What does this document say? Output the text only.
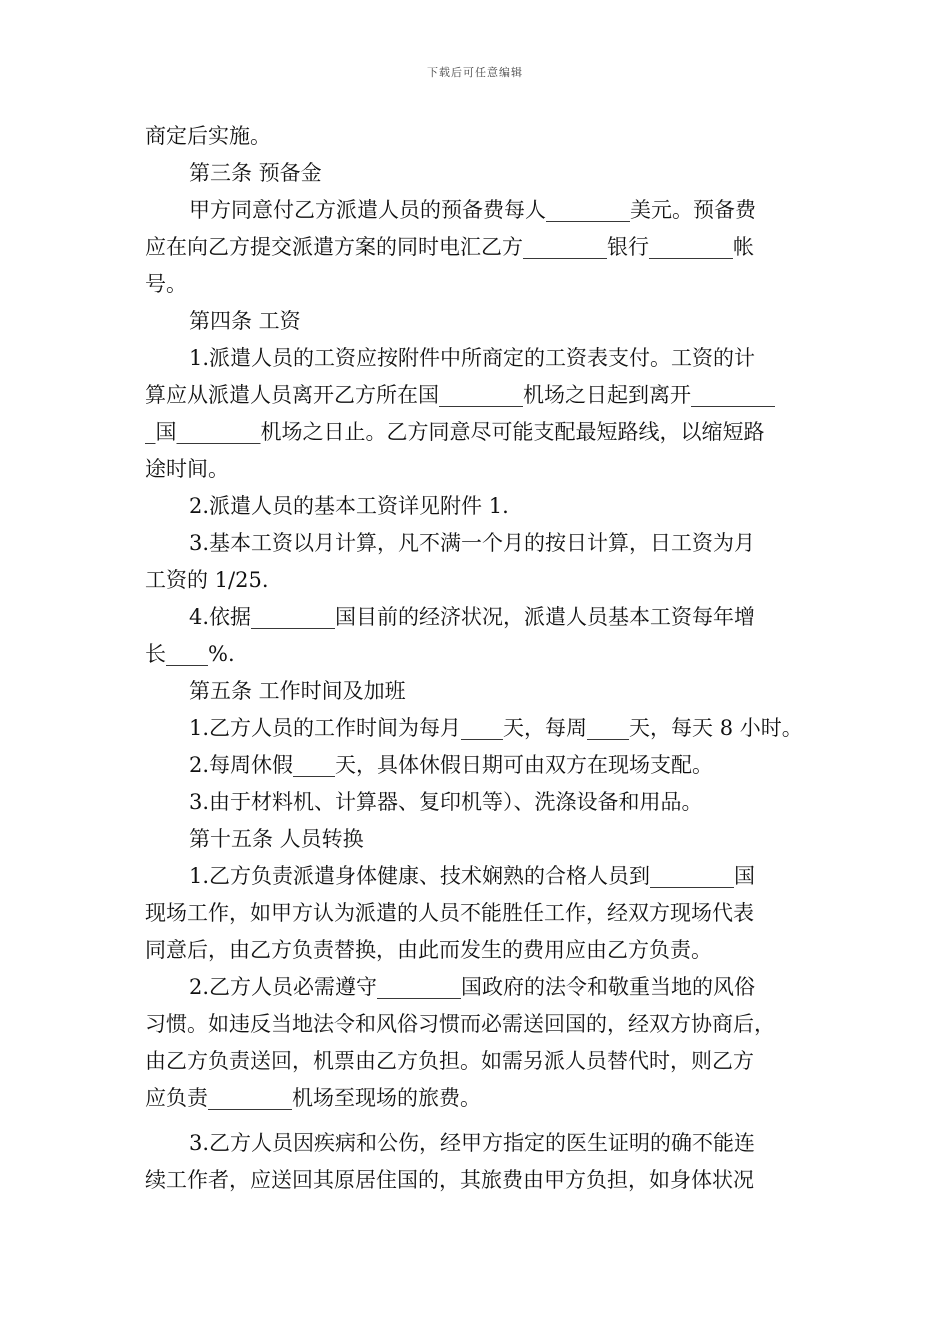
下载后可任意编辑
商定后实施。
第三条 预备金
甲方同意付乙方派遣人员的预备费每人________美元。预备费
应在向乙方提交派遣方案的同时电汇乙方________银行________帐
号。
第四条 工资
1.派遣人员的工资应按附件中所商定的工资表支付。工资的计
算应从派遣人员离开乙方所在国________机场之日起到离开________
_国________机场之日止。乙方同意尽可能支配最短路线，以缩短路
途时间。
2.派遣人员的基本工资详见附件 1.
3.基本工资以月计算，凡不满一个月的按日计算，日工资为月
工资的 1/25.
4.依据________国目前的经济状况，派遣人员基本工资每年增
长____%.
第五条 工作时间及加班
1.乙方人员的工作时间为每月____天，每周____天，每天 8 小时。
2.每周休假____天，具体休假日期可由双方在现场支配。
3.由于材料机、计算器、复印机等）、洗涤设备和用品。
第十五条 人员转换
1.乙方负责派遣身体健康、技术娴熟的合格人员到________国
现场工作，如甲方认为派遣的人员不能胜任工作，经双方现场代表
同意后，由乙方负责替换，由此而发生的费用应由乙方负责。
2.乙方人员必需遵守________国政府的法令和敬重当地的风俗
习惯。如违反当地法令和风俗习惯而必需送回国的，经双方协商后，
由乙方负责送回，机票由乙方负担。如需另派人员替代时，则乙方
应负责________机场至现场的旅费。
3.乙方人员因疾病和公伤，经甲方指定的医生证明的确不能连
续工作者，应送回其原居住国的，其旅费由甲方负担，如身体状况
